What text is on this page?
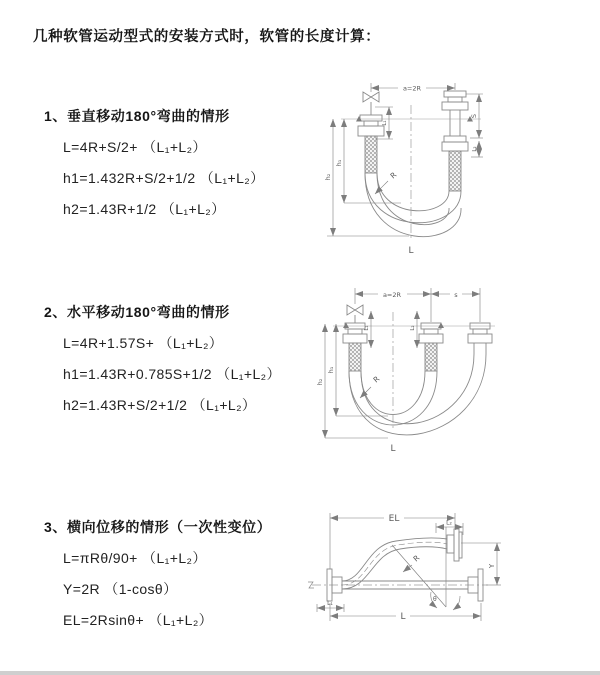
几种软管运动型式的安装方式时，软管的长度计算：
1、垂直移动180°弯曲的情形
L=4R+S/2+ （L₁+L₂）
h1=1.432R+S/2+1/2 （L₁+L₂）
h2=1.43R+1/2 （L₁+L₂）
2、水平移动180°弯曲的情形
L=4R+1.57S+ （L₁+L₂）
h1=1.43R+0.785S+1/2 （L₁+L₂）
h2=1.43R+S/2+1/2 （L₁+L₂）
3、横向位移的情形（一次性变位）
L=πRθ/90+ （L₁+L₂）
Y=2R （1-cosθ）
EL=2Rsinθ+ （L₁+L₂）
a=2R
h₂
h₁
L₁
S
L₂
R
L
a=2R	s
h₂
h₁
L₁	L₂
R
L
EL	L₂
Y
R
θ
L
L₁
